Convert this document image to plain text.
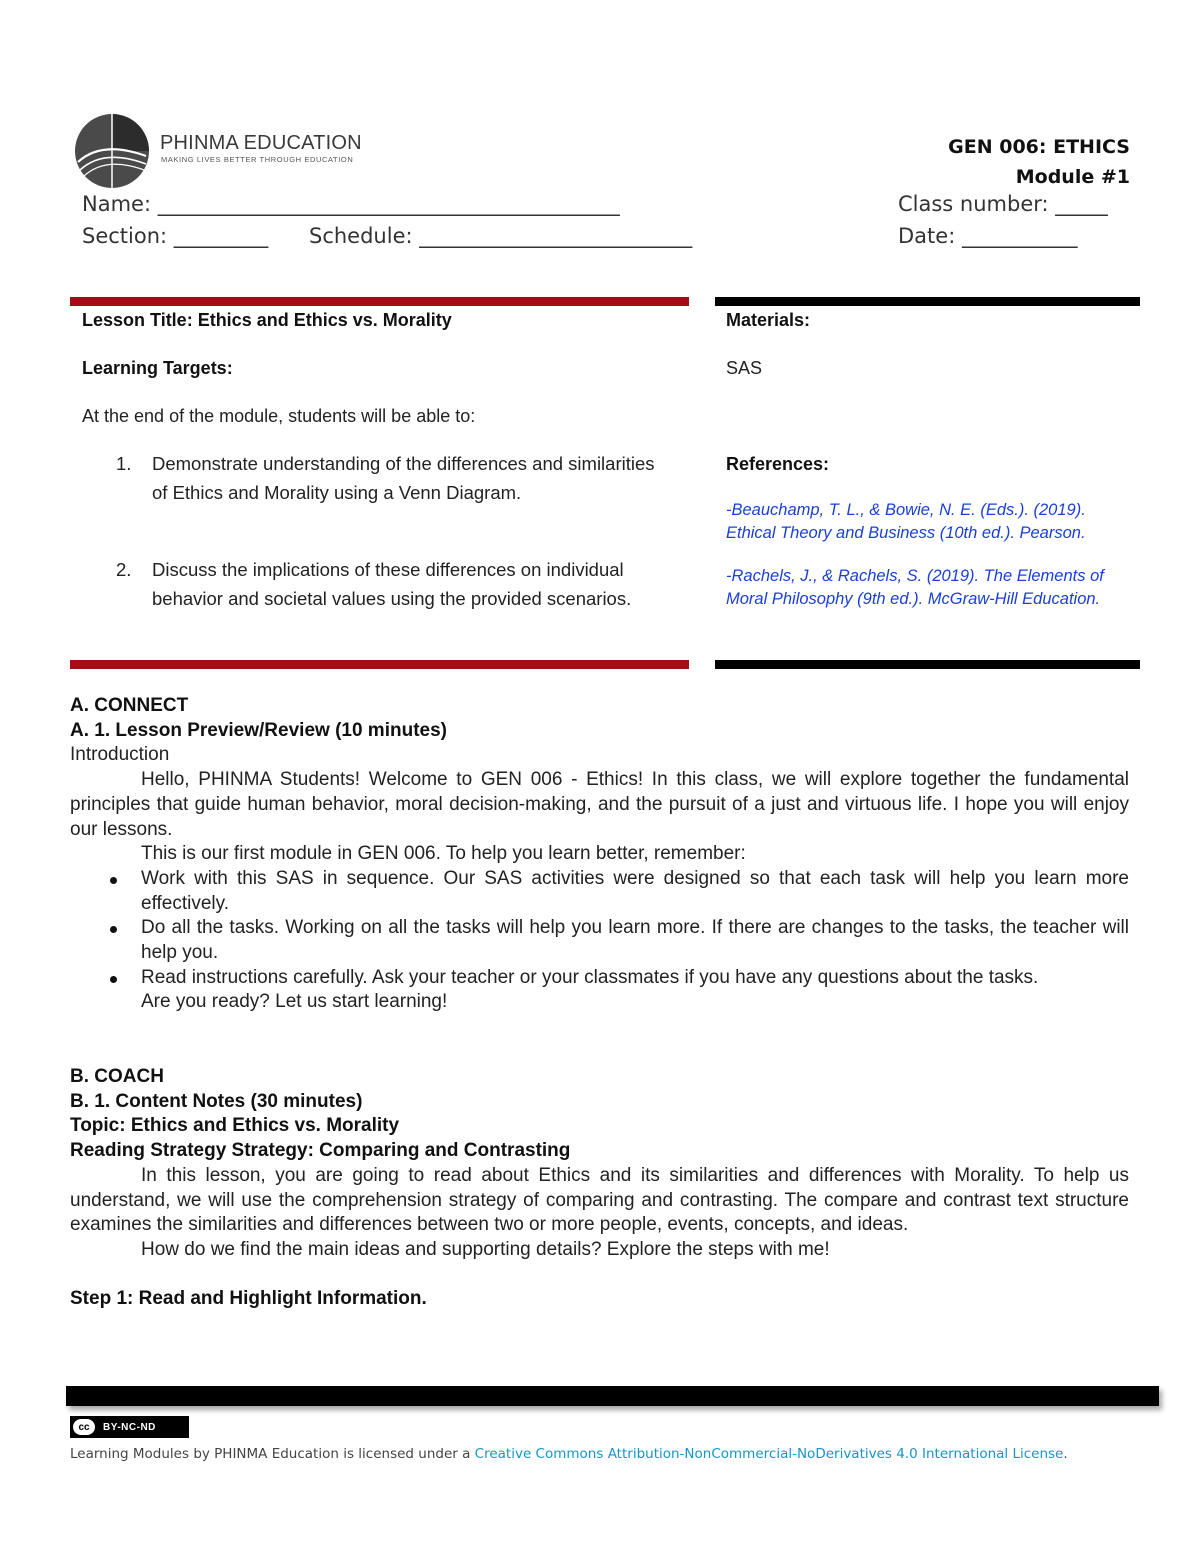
PHINMA EDUCATION
MAKING LIVES BETTER THROUGH EDUCATION
GEN 006: ETHICS
Module #1
Name: ____________________________________________	Class number: _____
Section: _________ Schedule: __________________________	Date: ___________
Lesson Title: Ethics and Ethics vs. Morality
Learning Targets:
At the end of the module, students will be able to:
1. Demonstrate understanding of the differences and similarities of Ethics and Morality using a Venn Diagram.
2. Discuss the implications of these differences on individual behavior and societal values using the provided scenarios.
Materials:
SAS
References:
-Beauchamp, T. L., & Bowie, N. E. (Eds.). (2019). Ethical Theory and Business (10th ed.). Pearson.
-Rachels, J., & Rachels, S. (2019). The Elements of Moral Philosophy (9th ed.). McGraw-Hill Education.
A. CONNECT
A. 1. Lesson Preview/Review (10 minutes)
Introduction
Hello, PHINMA Students! Welcome to GEN 006 - Ethics! In this class, we will explore together the fundamental principles that guide human behavior, moral decision-making, and the pursuit of a just and virtuous life. I hope you will enjoy our lessons.
This is our first module in GEN 006. To help you learn better, remember:
Work with this SAS in sequence. Our SAS activities were designed so that each task will help you learn more effectively.
Do all the tasks. Working on all the tasks will help you learn more. If there are changes to the tasks, the teacher will help you.
Read instructions carefully. Ask your teacher or your classmates if you have any questions about the tasks.
Are you ready? Let us start learning!
B. COACH
B. 1. Content Notes (30 minutes)
Topic: Ethics and Ethics vs. Morality
Reading Strategy Strategy: Comparing and Contrasting
In this lesson, you are going to read about Ethics and its similarities and differences with Morality. To help us understand, we will use the comprehension strategy of comparing and contrasting. The compare and contrast text structure examines the similarities and differences between two or more people, events, concepts, and ideas.
How do we find the main ideas and supporting details? Explore the steps with me!
Step 1: Read and Highlight Information.
cc	BY-NC-ND
Learning Modules by PHINMA Education is licensed under a Creative Commons Attribution-NonCommercial-NoDerivatives 4.0 International License.
